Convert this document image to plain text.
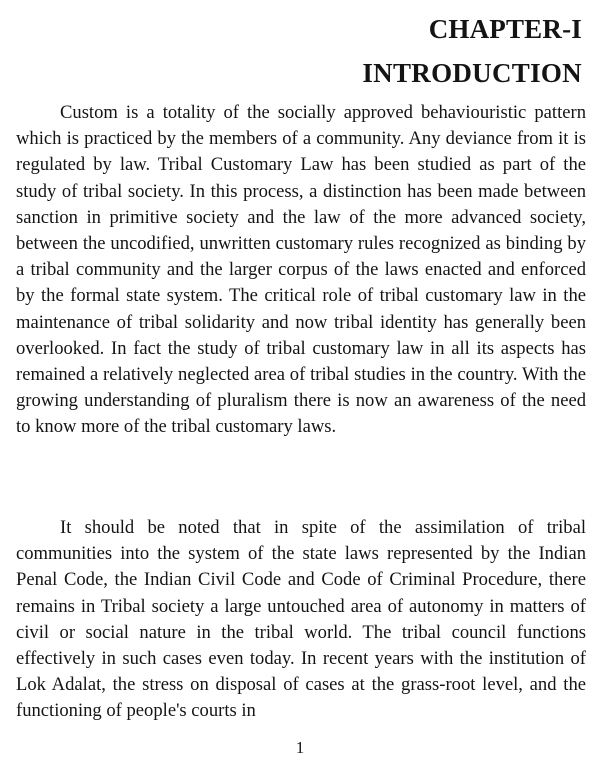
CHAPTER-I
INTRODUCTION

Custom is a totality of the socially approved behaviouristic pattern which is practiced by the members of a community. Any deviance from it is regulated by law. Tribal Customary Law has been studied as part of the study of tribal society. In this process, a distinction has been made between sanction in primitive society and the law of the more advanced society, between the uncodified, unwritten customary rules recognized as binding by a tribal community and the larger corpus of the laws enacted and enforced by the formal state system. The critical role of tribal customary law in the maintenance of tribal solidarity and now tribal identity has generally been overlooked. In fact the study of tribal customary law in all its aspects has remained a relatively neglected area of tribal studies in the country. With the growing understanding of pluralism there is now an awareness of the need to know more of the tribal customary laws.

It should be noted that in spite of the assimilation of tribal communities into the system of the state laws represented by the Indian Penal Code, the Indian Civil Code and Code of Criminal Procedure, there remains in Tribal society a large untouched area of autonomy in matters of civil or social nature in the tribal world. The tribal council functions effectively in such cases even today. In recent years with the institution of Lok Adalat, the stress on disposal of cases at the grass-root level, and the functioning of people's courts in

1
